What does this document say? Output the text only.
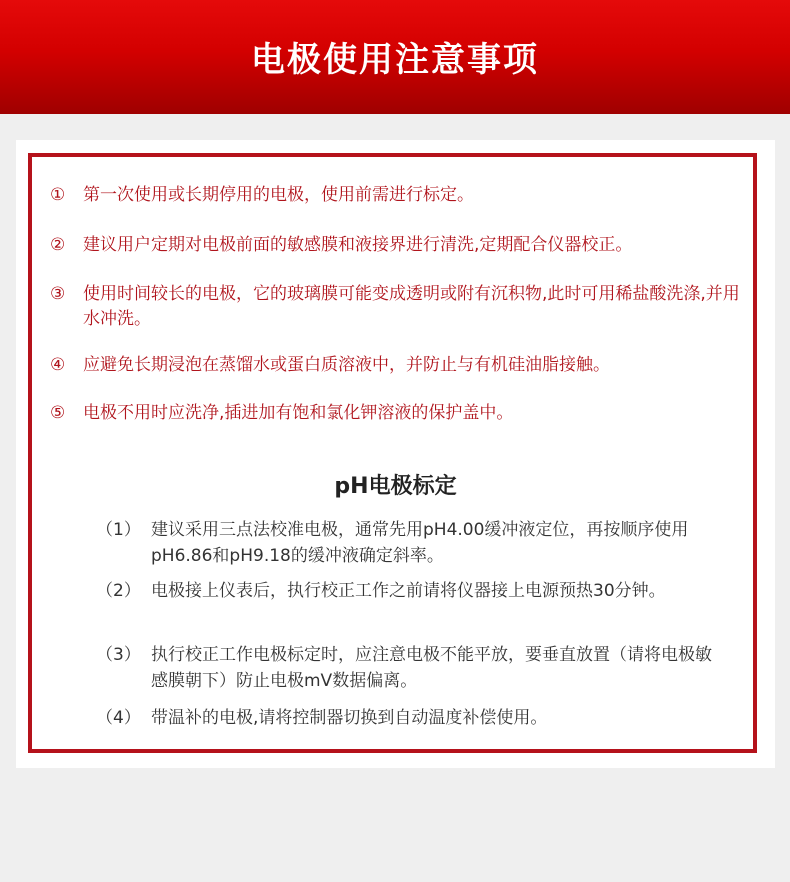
电极使用注意事项
①	第一次使用或长期停用的电极，使用前需进行标定。
②	建议用户定期对电极前面的敏感膜和液接界进行清洗,定期配合仪器校正。
③	使用时间较长的电极，它的玻璃膜可能变成透明或附有沉积物,此时可用稀盐酸洗涤,并用水冲洗。
④	应避免长期浸泡在蒸馏水或蛋白质溶液中，并防止与有机硅油脂接触。
⑤	电极不用时应洗净,插进加有饱和氯化钾溶液的保护盖中。
pH电极标定
（1） 建议采用三点法校准电极，通常先用pH4.00缓冲液定位，再按顺序使用pH6.86和pH9.18的缓冲液确定斜率。
（2） 电极接上仪表后，执行校正工作之前请将仪器接上电源预热30分钟。
（3） 执行校正工作电极标定时，应注意电极不能平放，要垂直放置（请将电极敏感膜朝下）防止电极mV数据偏离。
（4） 带温补的电极,请将控制器切换到自动温度补偿使用。
